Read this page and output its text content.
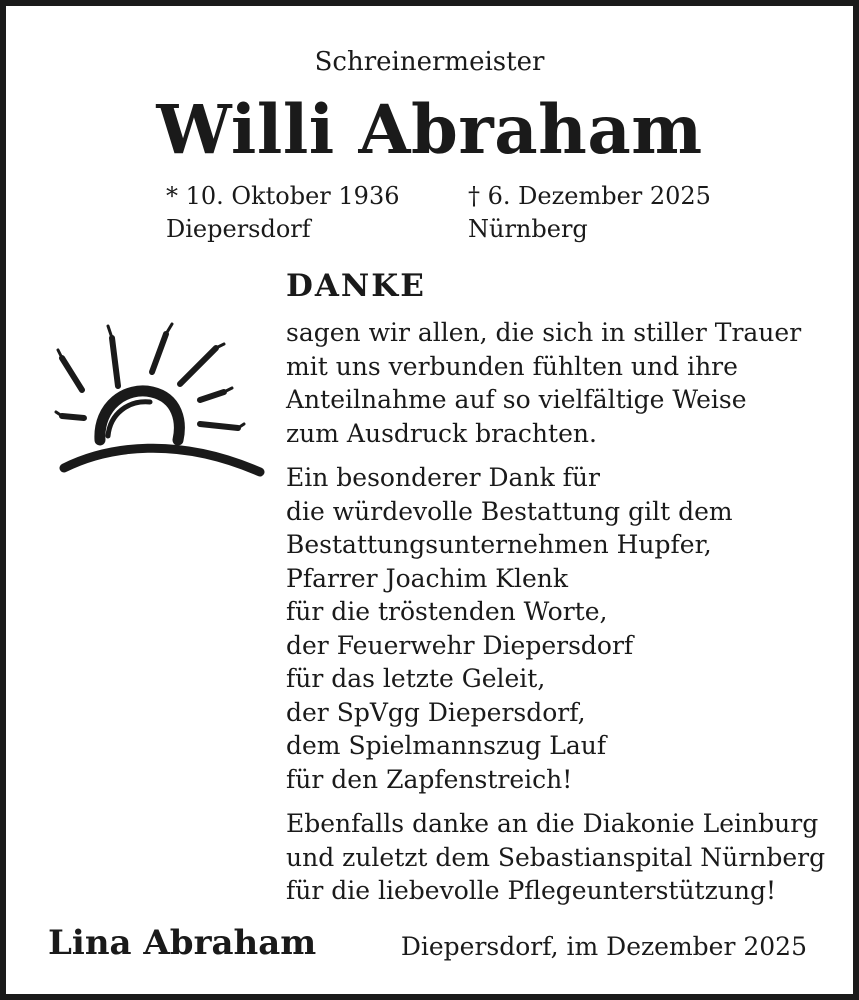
Schreinermeister
Willi Abraham
* 10. Oktober 1936
Diepersdorf
† 6. Dezember 2025
Nürnberg
DANKE
sagen wir allen, die sich in stiller Trauer
mit uns verbunden fühlten und ihre
Anteilnahme auf so vielfältige Weise
zum Ausdruck brachten.
Ein besonderer Dank für
die würdevolle Bestattung gilt dem
Bestattungsunternehmen Hupfer,
Pfarrer Joachim Klenk
für die tröstenden Worte,
der Feuerwehr Diepersdorf
für das letzte Geleit,
der SpVgg Diepersdorf,
dem Spielmannszug Lauf
für den Zapfenstreich!
Ebenfalls danke an die Diakonie Leinburg
und zuletzt dem Sebastianspital Nürnberg
für die liebevolle Pflegeunterstützung!
Lina Abraham	Diepersdorf, im Dezember 2025
